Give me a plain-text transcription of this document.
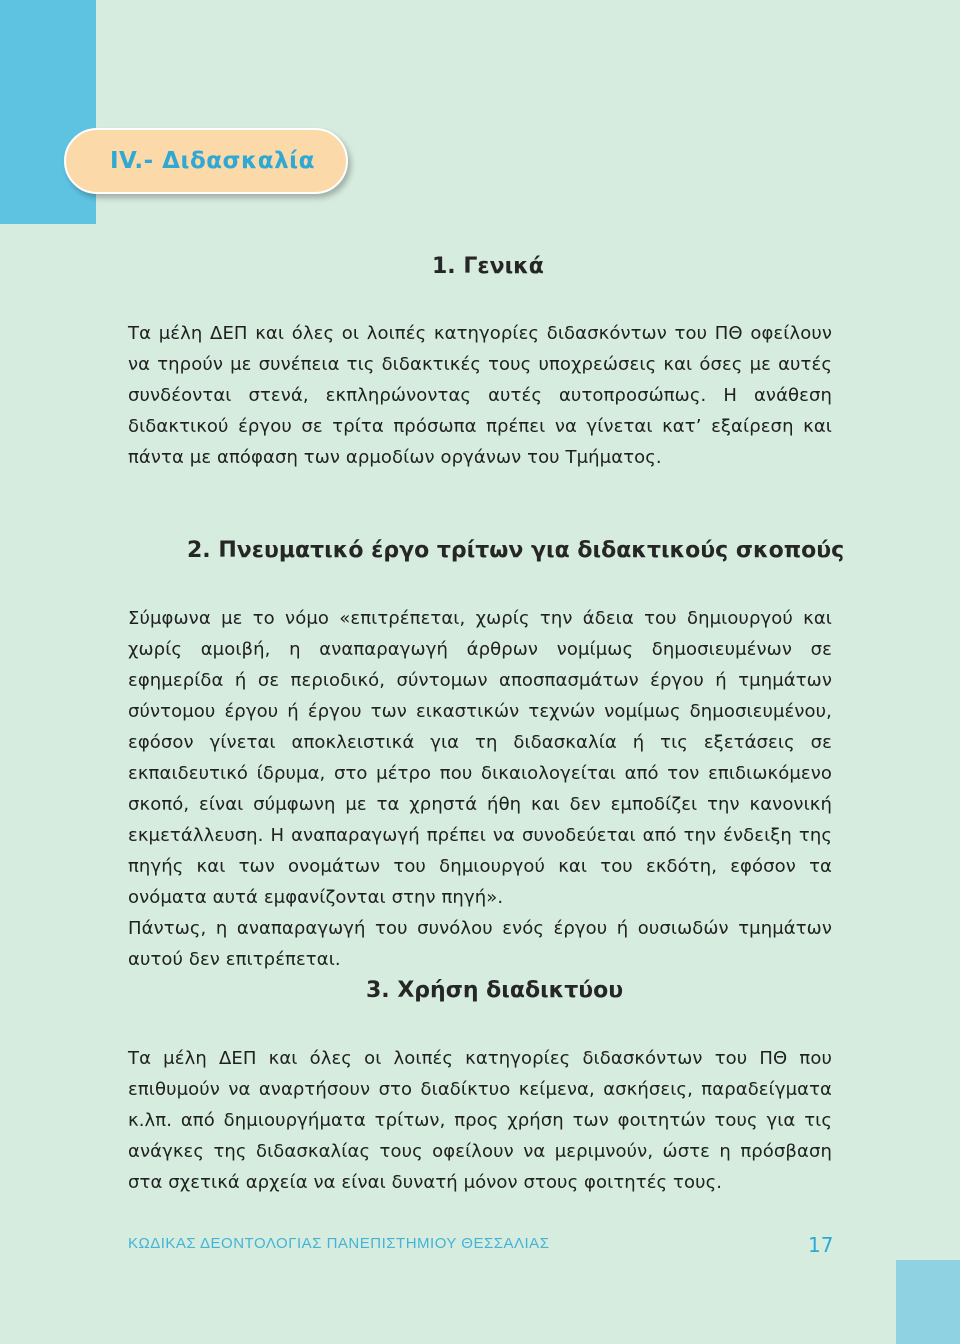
IV.- Διδασκαλία
1. Γενικά

Τα μέλη ΔΕΠ και όλες οι λοιπές κατηγορίες διδασκόντων του ΠΘ οφείλουν να τηρούν με συνέπεια τις διδακτικές τους υποχρεώσεις και όσες με αυτές συνδέονται στενά, εκπληρώνοντας αυτές αυτοπροσώπως. Η ανάθεση διδακτικού έργου σε τρίτα πρόσωπα πρέπει να γίνεται κατ’ εξαίρεση και πάντα με απόφαση των αρμοδίων οργάνων του Τμήματος.

2. Πνευματικό έργο τρίτων για διδακτικούς σκοπούς
Σύμφωνα με το νόμο «επιτρέπεται, χωρίς την άδεια του δημιουργού και χωρίς αμοιβή, η αναπαραγωγή άρθρων νομίμως δημοσιευμένων σε εφημερίδα ή σε περιοδικό, σύντομων αποσπασμάτων έργου ή τμημάτων σύντομου έργου ή έργου των εικαστικών τεχνών νομίμως δημοσιευμένου, εφόσον γίνεται αποκλειστικά για τη διδασκαλία ή τις εξετάσεις σε εκπαιδευτικό ίδρυμα, στο μέτρο που δικαιολογείται από τον επιδιωκόμενο σκοπό, είναι σύμφωνη με τα χρηστά ήθη και δεν εμποδίζει την κανονική εκμετάλλευση. Η αναπαραγωγή πρέπει να συνοδεύεται από την ένδειξη της πηγής και των ονομάτων του δημιουργού και του εκδότη, εφόσον τα ονόματα αυτά εμφανίζονται στην πηγή».
Πάντως, η αναπαραγωγή του συνόλου ενός έργου ή ουσιωδών τμημάτων αυτού δεν επιτρέπεται.
3. Χρήση διαδικτύου

Τα μέλη ΔΕΠ και όλες οι λοιπές κατηγορίες διδασκόντων του ΠΘ που επιθυμούν να αναρτήσουν στο διαδίκτυο κείμενα, ασκήσεις, παραδείγματα κ.λπ. από δημιουργήματα τρίτων, προς χρήση των φοιτητών τους για τις ανάγκες της διδασκαλίας τους οφείλουν να μεριμνούν, ώστε η πρόσβαση στα σχετικά αρχεία να είναι δυνατή μόνον στους φοιτητές τους.

ΚΩΔΙΚΑΣ ΔΕΟΝΤΟΛΟΓΙΑΣ ΠΑΝΕΠΙΣΤΗΜΙΟΥ ΘΕΣΣΑΛΙΑΣ	17
